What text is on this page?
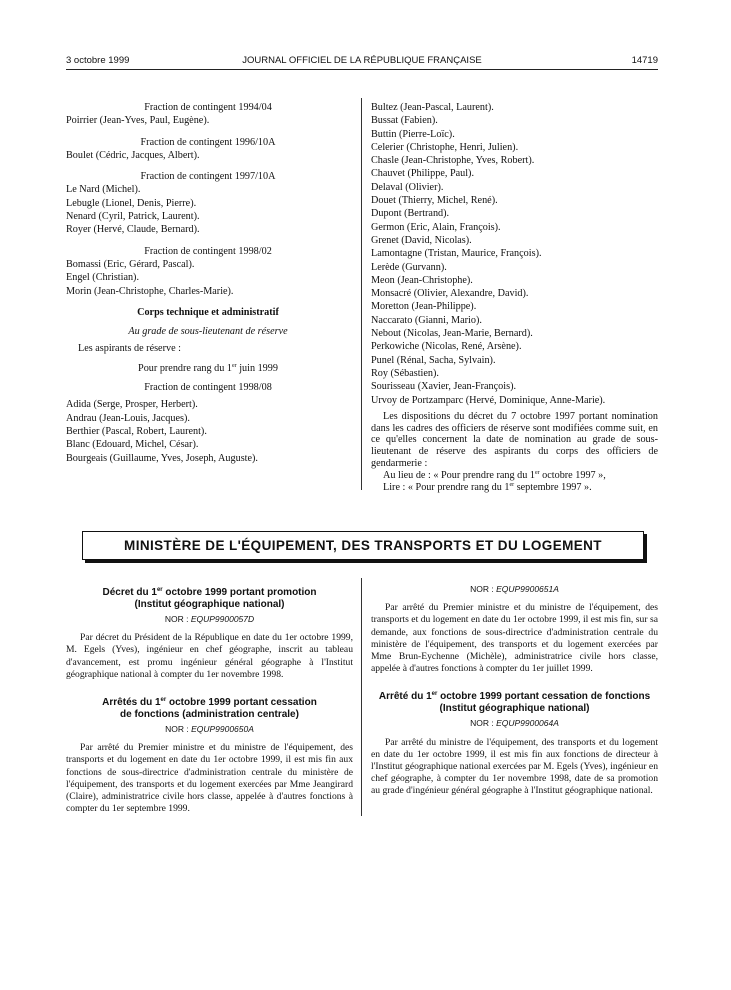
3 octobre 1999	JOURNAL OFFICIEL DE LA RÉPUBLIQUE FRANÇAISE	14719
Fraction de contingent 1994/04
Poirrier (Jean-Yves, Paul, Eugène).
Fraction de contingent 1996/10A
Boulet (Cédric, Jacques, Albert).
Fraction de contingent 1997/10A
Le Nard (Michel).
Lebugle (Lionel, Denis, Pierre).
Nenard (Cyril, Patrick, Laurent).
Royer (Hervé, Claude, Bernard).
Fraction de contingent 1998/02
Bomassi (Eric, Gérard, Pascal).
Engel (Christian).
Morin (Jean-Christophe, Charles-Marie).
Corps technique et administratif
Au grade de sous-lieutenant de réserve
Les aspirants de réserve :
Pour prendre rang du 1er juin 1999
Fraction de contingent 1998/08
Adida (Serge, Prosper, Herbert).
Andrau (Jean-Louis, Jacques).
Berthier (Pascal, Robert, Laurent).
Blanc (Edouard, Michel, César).
Bourgeais (Guillaume, Yves, Joseph, Auguste).
Bultez (Jean-Pascal, Laurent).
Bussat (Fabien).
Buttin (Pierre-Loïc).
Celerier (Christophe, Henri, Julien).
Chasle (Jean-Christophe, Yves, Robert).
Chauvet (Philippe, Paul).
Delaval (Olivier).
Douet (Thierry, Michel, René).
Dupont (Bertrand).
Germon (Eric, Alain, François).
Grenet (David, Nicolas).
Lamontagne (Tristan, Maurice, François).
Lerède (Gurvann).
Meon (Jean-Christophe).
Monsacré (Olivier, Alexandre, David).
Moretton (Jean-Philippe).
Naccarato (Gianni, Mario).
Nebout (Nicolas, Jean-Marie, Bernard).
Perkowiche (Nicolas, René, Arsène).
Punel (Rénal, Sacha, Sylvain).
Roy (Sébastien).
Sourisseau (Xavier, Jean-François).
Urvoy de Portzamparc (Hervé, Dominique, Anne-Marie).
Les dispositions du décret du 7 octobre 1997 portant nomination dans les cadres des officiers de réserve sont modifiées comme suit, en ce qu'elles concernent la date de nomination au grade de sous-lieutenant de réserve des aspirants du corps des officiers de gendarmerie :
Au lieu de : « Pour prendre rang du 1er octobre 1997 »,
Lire : « Pour prendre rang du 1er septembre 1997 ».
MINISTÈRE DE L'ÉQUIPEMENT, DES TRANSPORTS ET DU LOGEMENT
Décret du 1er octobre 1999 portant promotion
(Institut géographique national)
NOR : EQUP9900057D
Par décret du Président de la République en date du 1er octobre 1999, M. Egels (Yves), ingénieur en chef géographe, inscrit au tableau d'avancement, est promu ingénieur général géographe à l'Institut géographique national à compter du 1er novembre 1998.
Arrêtés du 1er octobre 1999 portant cessation
de fonctions (administration centrale)
NOR : EQUP9900650A
Par arrêté du Premier ministre et du ministre de l'équipement, des transports et du logement en date du 1er octobre 1999, il est mis fin aux fonctions de sous-directrice d'administration centrale du ministère de l'équipement, des transports et du logement exercées par Mme Jeangirard (Claire), administratrice civile hors classe, appelée à d'autres fonctions à compter du 1er septembre 1999.
NOR : EQUP9900651A
Par arrêté du Premier ministre et du ministre de l'équipement, des transports et du logement en date du 1er octobre 1999, il est mis fin, sur sa demande, aux fonctions de sous-directrice d'administration centrale du ministère de l'équipement, des transports et du logement exercées par Mme Brun-Eychenne (Michèle), administratrice civile hors classe, appelée à d'autres fonctions à compter du 1er juillet 1999.
Arrêté du 1er octobre 1999 portant cessation de fonctions
(Institut géographique national)
NOR : EQUP9900064A
Par arrêté du ministre de l'équipement, des transports et du logement en date du 1er octobre 1999, il est mis fin aux fonctions de directeur à l'Institut géographique national exercées par M. Egels (Yves), ingénieur en chef géographe, à compter du 1er novembre 1998, date de sa promotion au grade d'ingénieur général géographe à l'Institut géographique national.
